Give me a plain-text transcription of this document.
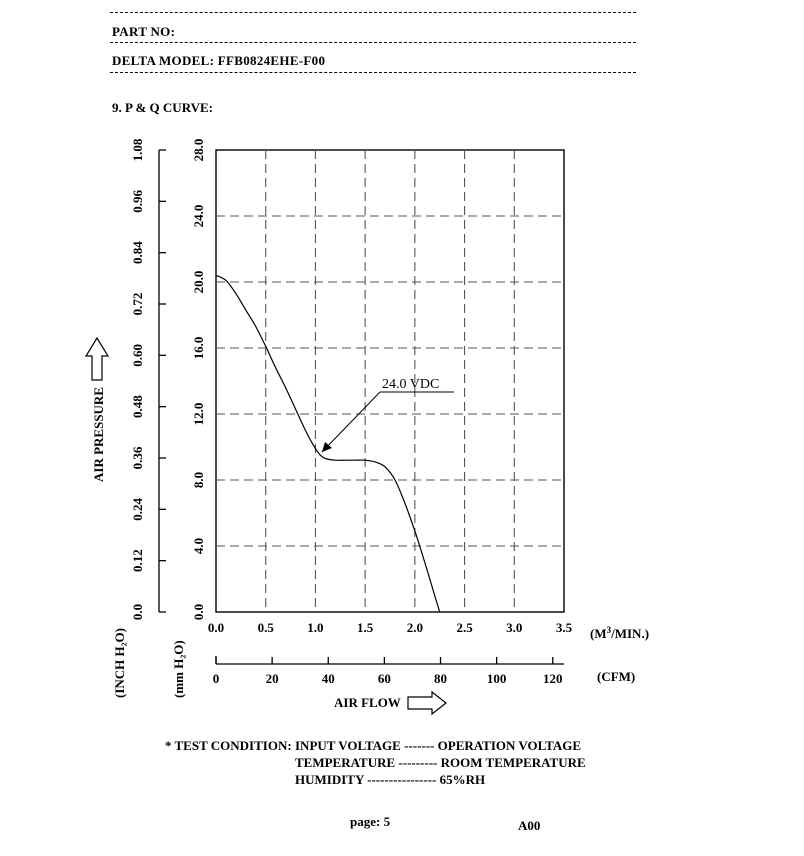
PART NO:
DELTA MODEL: FFB0824EHE-F00
9. P & Q CURVE:
0.0	0.5	1.0	1.5	2.0	2.5	3.0	3.5
0.0
4.0
8.0
12.0
16.0
20.0
24.0
28.0
0.0
0.12
0.24
0.36
0.48
0.60
0.72
0.84
0.96
1.08
0	20	40	60	80	100	120
24.0 VDC
$(M^3/MIN.)$
(CFM)
AIR FLOW
AIR PRESSURE
(INCH H₂O)	(mm H₂O)
* TEST CONDITION: INPUT VOLTAGE ------- OPERATION VOLTAGE
TEMPERATURE --------- ROOM TEMPERATURE
HUMIDITY ---------------- 65%RH
page: 5	A00
